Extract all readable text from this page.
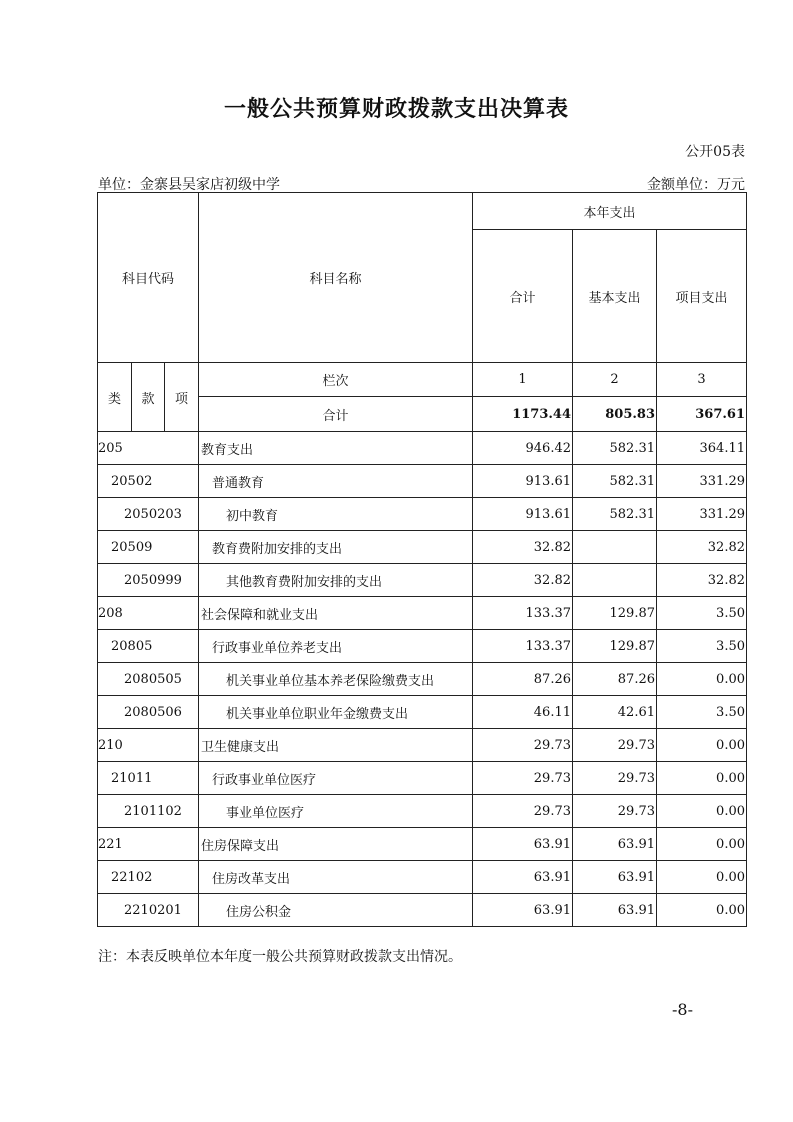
一般公共预算财政拨款支出决算表
公开05表
单位：金寨县吴家店初级中学	金额单位：万元
科目代码			科目名称	本年支出		
				合计	基本支出	项目支出
类	款	项	栏次	1	2	3
			合计	1173.44	805.83	367.61
205			教育支出	946.42	582.31	364.11
20502			普通教育	913.61	582.31	331.29
2050203			初中教育	913.61	582.31	331.29
20509			教育费附加安排的支出	32.82		32.82
2050999			其他教育费附加安排的支出	32.82		32.82
208			社会保障和就业支出	133.37	129.87	3.50
20805			行政事业单位养老支出	133.37	129.87	3.50
2080505			机关事业单位基本养老保险缴费支出	87.26	87.26	0.00
2080506			机关事业单位职业年金缴费支出	46.11	42.61	3.50
210			卫生健康支出	29.73	29.73	0.00
21011			行政事业单位医疗	29.73	29.73	0.00
2101102			事业单位医疗	29.73	29.73	0.00
221			住房保障支出	63.91	63.91	0.00
22102			住房改革支出	63.91	63.91	0.00
2210201			住房公积金	63.91	63.91	0.00
注：本表反映单位本年度一般公共预算财政拨款支出情况。
-8-
